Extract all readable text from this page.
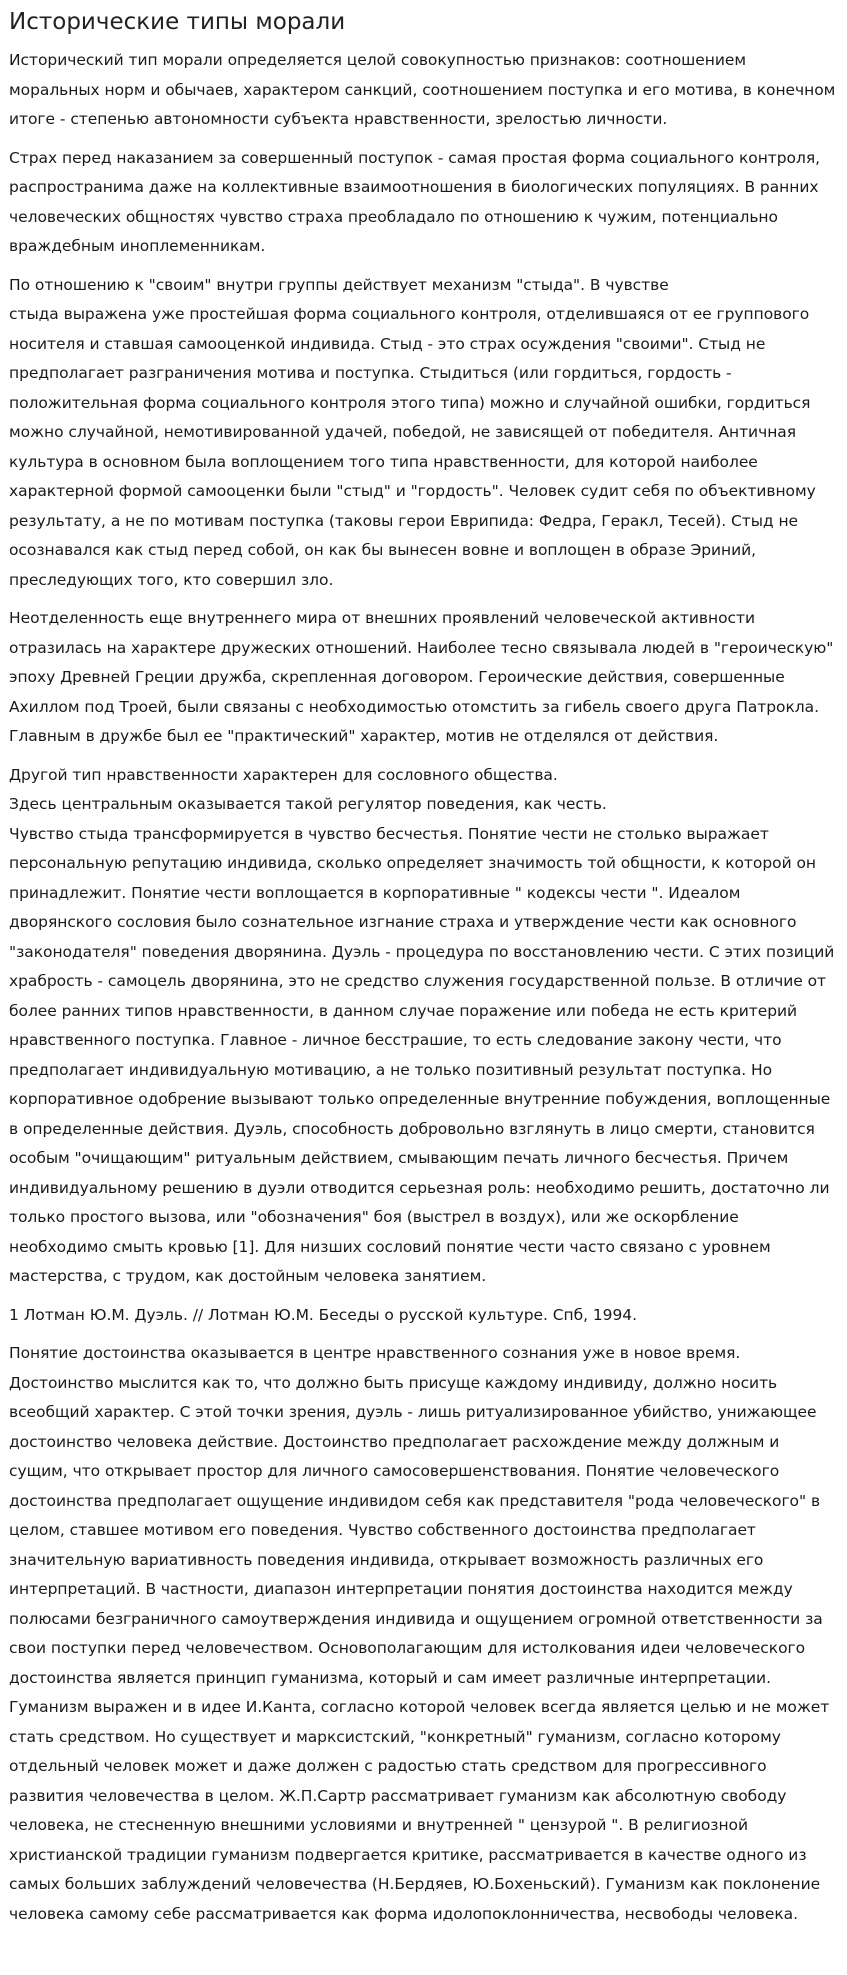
Исторические типы морали

Исторический тип морали определяется целой совокупностью признаков: соотношением моральных норм и обычаев, характером санкций, соотношением поступка и его мотива, в конечном итоге - степенью автономности субъекта нравственности, зрелостью личности.

Страх перед наказанием за совершенный поступок - самая простая форма социального контроля, распространима даже на коллективные взаимоотношения в биологических популяциях. В ранних человеческих общностях чувство страха преобладало по отношению к чужим, потенциально враждебным иноплеменникам.

По отношению к "своим" внутри группы действует механизм "стыда". В чувстве
стыда выражена уже простейшая форма социального контроля, отделившаяся от ее группового носителя и ставшая самооценкой индивида. Стыд - это страх осуждения "своими". Стыд не предполагает разграничения мотива и поступка. Стыдиться (или гордиться, гордость - положительная форма социального контроля этого типа) можно и случайной ошибки, гордиться можно случайной, немотивированной удачей, победой, не зависящей от победителя. Античная культура в основном была воплощением того типа нравственности, для которой наиболее характерной формой самооценки были "стыд" и "гордость". Человек судит себя по объективному результату, а не по мотивам поступка (таковы герои Еврипида: Федра, Геракл, Тесей). Стыд не осознавался как стыд перед собой, он как бы вынесен вовне и воплощен в образе Эриний, преследующих того, кто совершил зло.

Неотделенность еще внутреннего мира от внешних проявлений человеческой активности отразилась на характере дружеских отношений. Наиболее тесно связывала людей в "героическую" эпоху Древней Греции дружба, скрепленная договором. Героические действия, совершенные Ахиллом под Троей, были связаны с необходимостью отомстить за гибель своего друга Патрокла. Главным в дружбе был ее "практический" характер, мотив не отделялся от действия.

Другой тип нравственности характерен для сословного общества.

Здесь центральным оказывается такой регулятор поведения, как честь.

Чувство стыда трансформируется в чувство бесчестья. Понятие чести не столько выражает персональную репутацию индивида, сколько определяет значимость той общности, к которой он принадлежит. Понятие чести воплощается в корпоративные " кодексы чести ". Идеалом дворянского сословия было сознательное изгнание страха и утверждение чести как основного "законодателя" поведения дворянина. Дуэль - процедура по восстановлению чести. С этих позиций храбрость - самоцель дворянина, это не средство служения государственной пользе. В отличие от более ранних типов нравственности, в данном случае поражение или победа не есть критерий нравственного поступка. Главное - личное бесстрашие, то есть следование закону чести, что предполагает индивидуальную мотивацию, а не только позитивный результат поступка. Но корпоративное одобрение вызывают только определенные внутренние побуждения, воплощенные в определенные действия. Дуэль, способность добровольно взглянуть в лицо смерти, становится особым "очищающим" ритуальным действием, смывающим печать личного бесчестья. Причем индивидуальному решению в дуэли отводится серьезная роль: необходимо решить, достаточно ли только простого вызова, или "обозначения" боя (выстрел в воздух), или же оскорбление необходимо смыть кровью [1]. Для низших сословий понятие чести часто связано с уровнем мастерства, с трудом, как достойным человека занятием.

1 Лотман Ю.М. Дуэль. // Лотман Ю.М. Беседы о русской культуре. Спб, 1994.

Понятие достоинства оказывается в центре нравственного сознания уже в новое время. Достоинство мыслится как то, что должно быть присуще каждому индивиду, должно носить всеобщий характер. С этой точки зрения, дуэль - лишь ритуализированное убийство, унижающее достоинство человека действие. Достоинство предполагает расхождение между должным и сущим, что открывает простор для личного самосовершенствования. Понятие человеческого достоинства предполагает ощущение индивидом себя как представителя "рода человеческого" в целом, ставшее мотивом его поведения. Чувство собственного достоинства предполагает значительную вариативность поведения индивида, открывает возможность различных его интерпретаций. В частности, диапазон интерпретации понятия достоинства находится между полюсами безграничного самоутверждения индивида и ощущением огромной ответственности за свои поступки перед человечеством. Основополагающим для истолкования идеи человеческого достоинства является принцип гуманизма, который и сам имеет различные интерпретации. Гуманизм выражен и в идее И.Канта, согласно которой человек всегда является целью и не может стать средством. Но существует и марксистский, "конкретный" гуманизм, согласно которому отдельный человек может и даже должен с радостью стать средством для прогрессивного развития человечества в целом. Ж.П.Сартр рассматривает гуманизм как абсолютную свободу человека, не стесненную внешними условиями и внутренней " цензурой ". В религиозной христианской традиции гуманизм подвергается критике, рассматривается в качестве одного из самых больших заблуждений человечества (Н.Бердяев, Ю.Бохеньский). Гуманизм как поклонение человека самому себе рассматривается как форма идолопоклонничества, несвободы человека.
